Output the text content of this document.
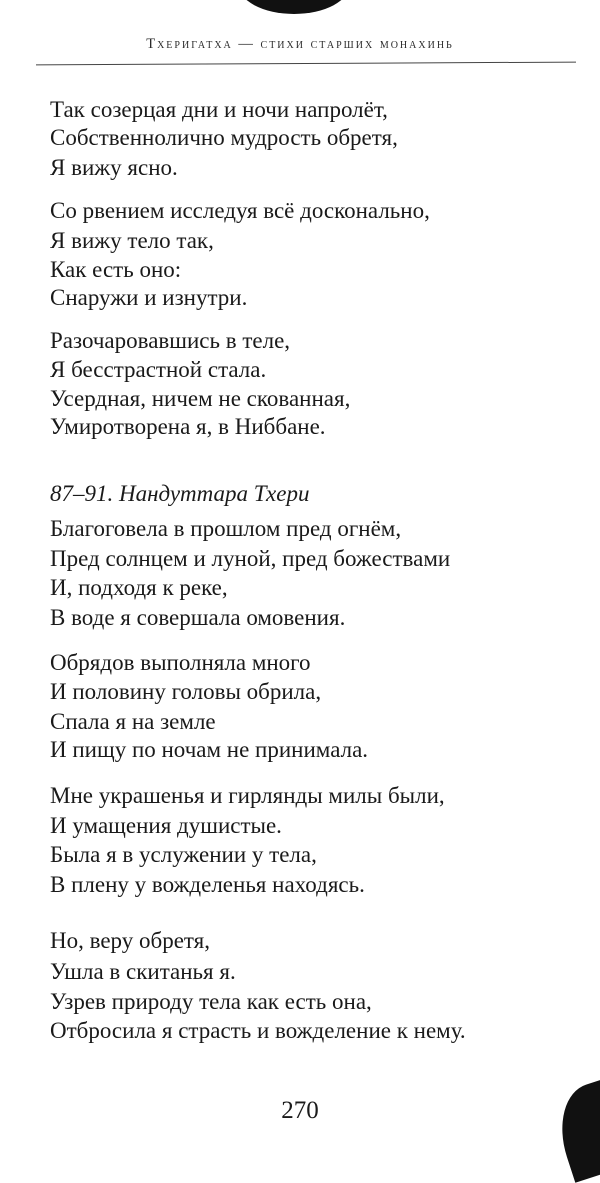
Тхеригатха — стихи старших монахинь
Так созерцая дни и ночи напролёт,
Собственнолично мудрость обретя,
Я вижу ясно.
Со рвением исследуя всё досконально,
Я вижу тело так,
Как есть оно:
Снаружи и изнутри.
Разочаровавшись в теле,
Я бесстрастной стала.
Усердная, ничем не скованная,
Умиротворена я, в Ниббане.
87–91. Нандуттара Тхери
Благоговела в прошлом пред огнём,
Пред солнцем и луной, пред божествами
И, подходя к реке,
В воде я совершала омовения.
Обрядов выполняла много
И половину головы обрила,
Спала я на земле
И пищу по ночам не принимала.
Мне украшенья и гирлянды милы были,
И умащения душистые.
Была я в услужении у тела,
В плену у вожделенья находясь.
Но, веру обретя,
Ушла в скитанья я.
Узрев природу тела как есть она,
Отбросила я страсть и вожделение к нему.
270
